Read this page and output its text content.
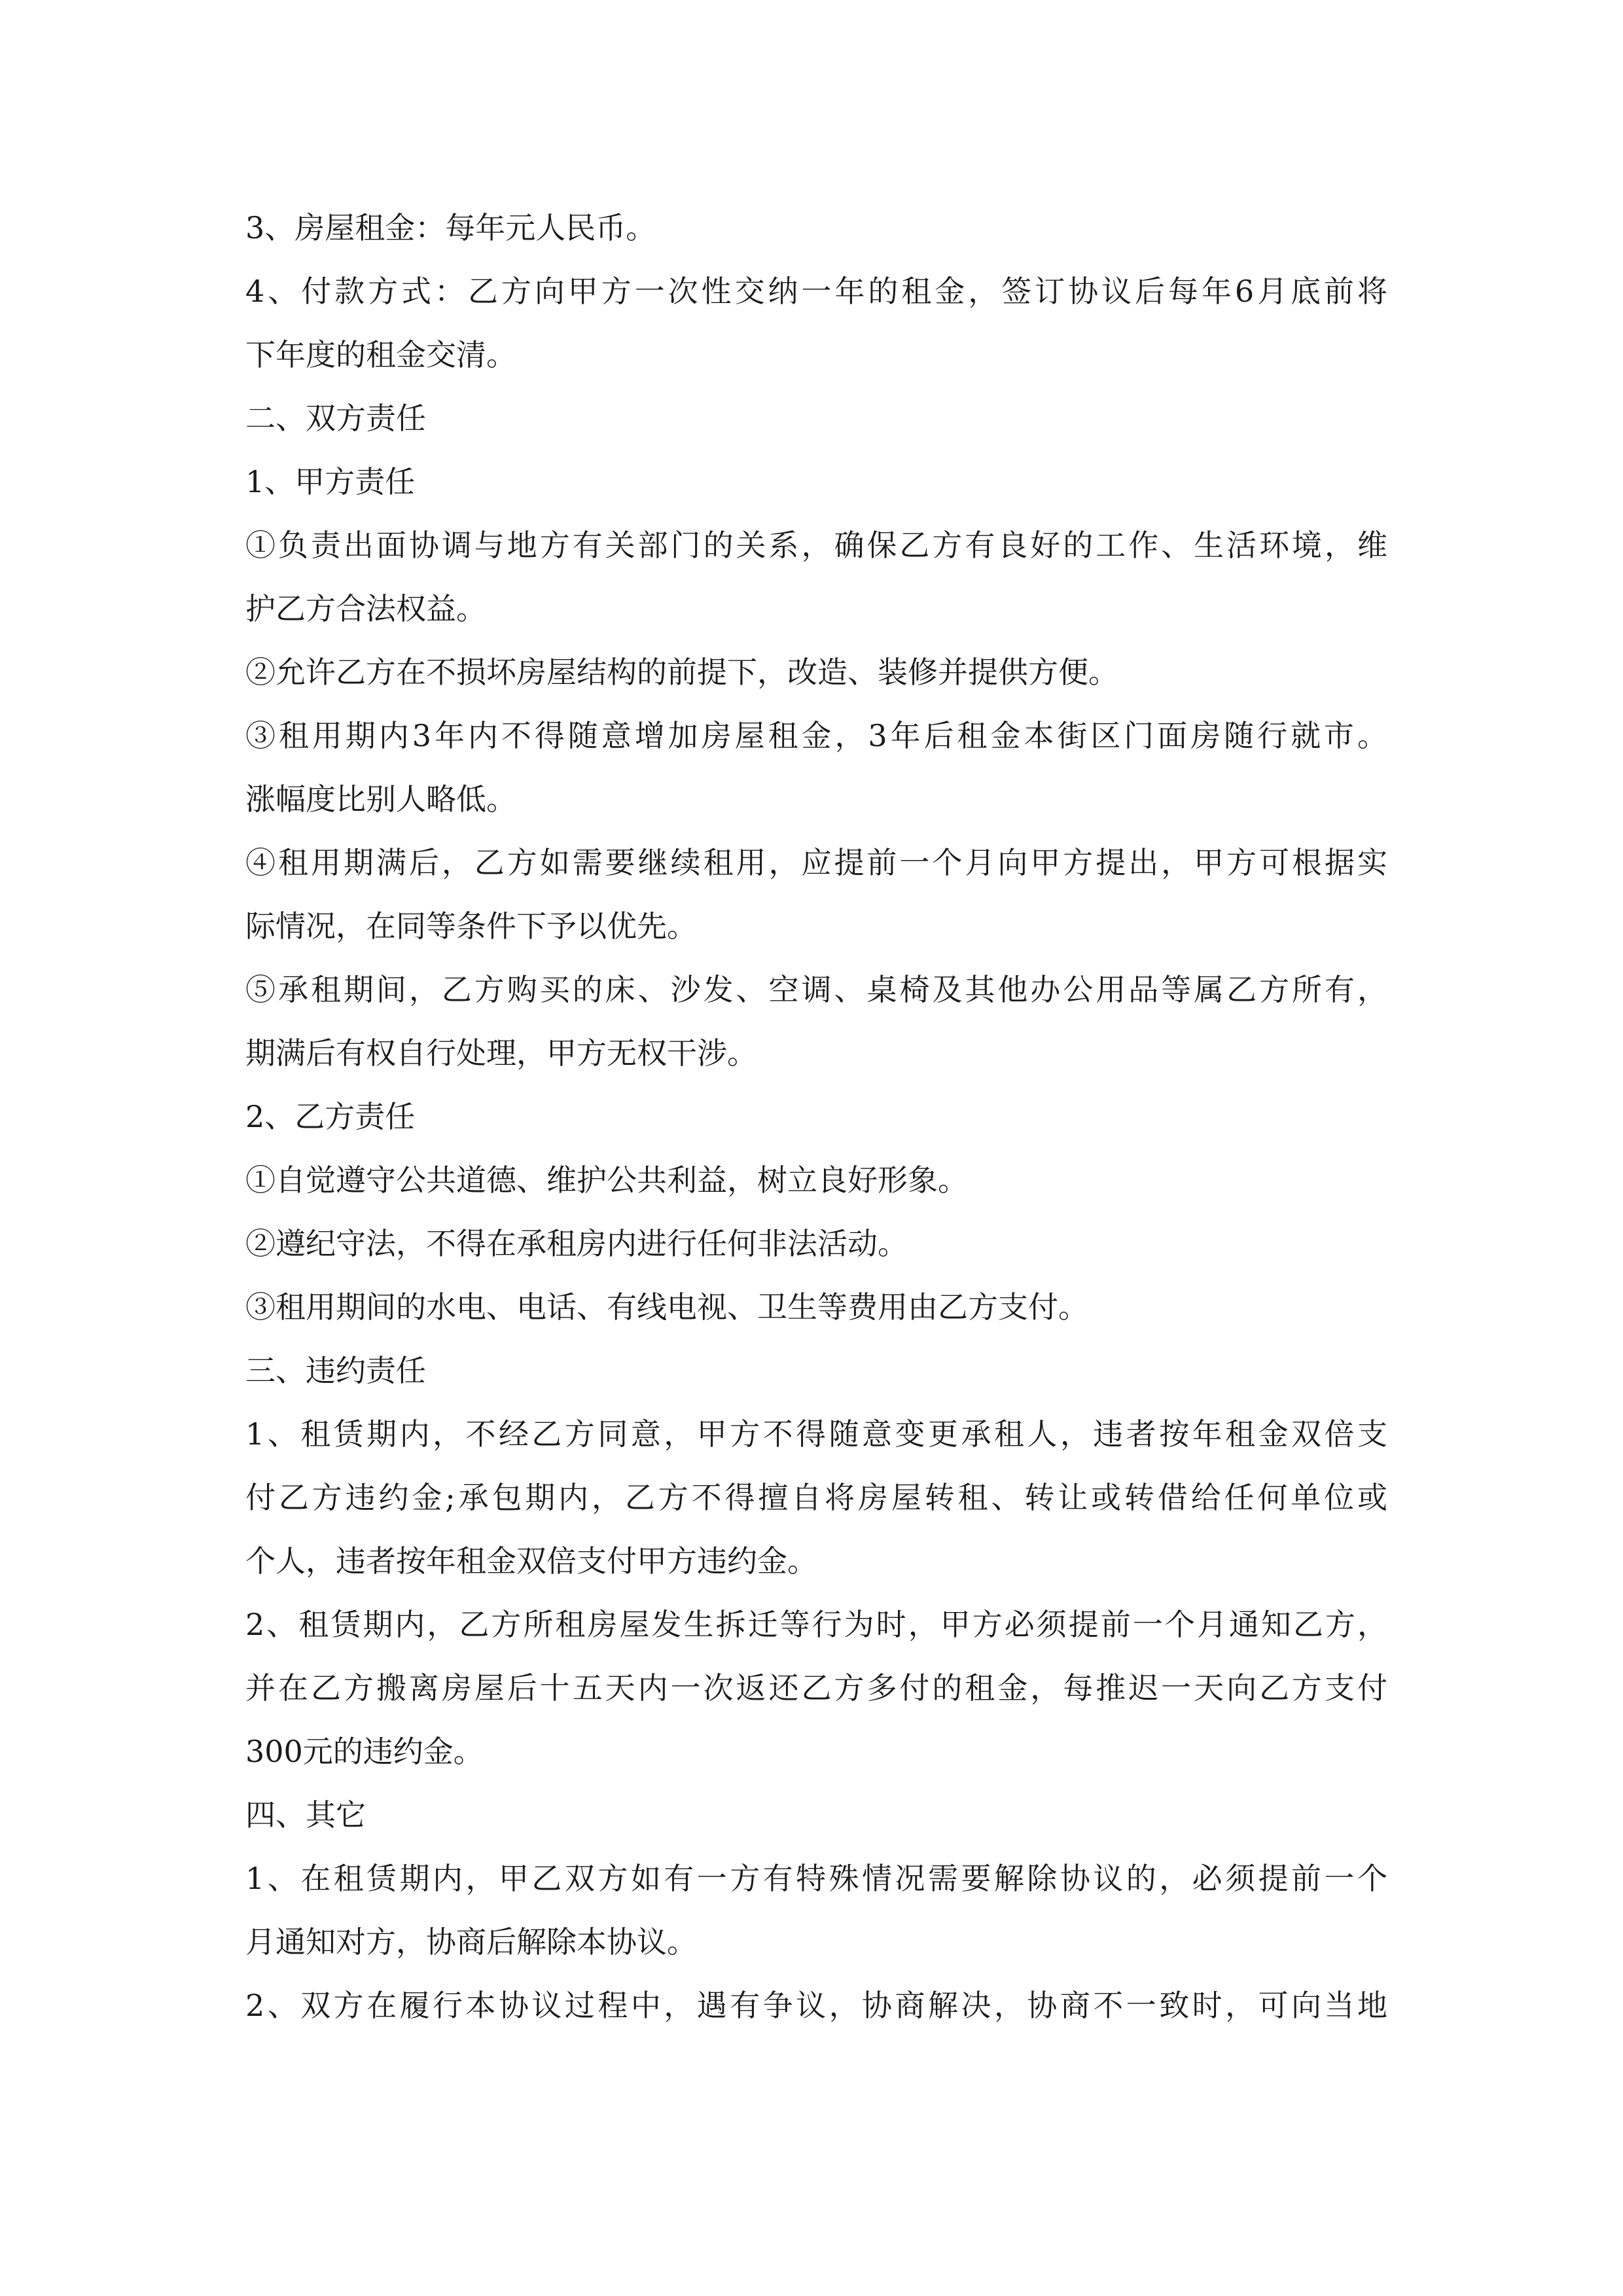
3、房屋租金：每年元人民币。
4、付款方式：乙方向甲方一次性交纳一年的租金，签订协议后每年6月底前将
下年度的租金交清。
二、双方责任
1、甲方责任
①负责出面协调与地方有关部门的关系，确保乙方有良好的工作、生活环境，维
护乙方合法权益。
②允许乙方在不损坏房屋结构的前提下，改造、装修并提供方便。
③租用期内3年内不得随意增加房屋租金，3年后租金本街区门面房随行就市。
涨幅度比别人略低。
④租用期满后，乙方如需要继续租用，应提前一个月向甲方提出，甲方可根据实
际情况，在同等条件下予以优先。
⑤承租期间，乙方购买的床、沙发、空调、桌椅及其他办公用品等属乙方所有，
期满后有权自行处理，甲方无权干涉。
2、乙方责任
①自觉遵守公共道德、维护公共利益，树立良好形象。
②遵纪守法，不得在承租房内进行任何非法活动。
③租用期间的水电、电话、有线电视、卫生等费用由乙方支付。
三、违约责任
1、租赁期内，不经乙方同意，甲方不得随意变更承租人，违者按年租金双倍支
付乙方违约金;承包期内，乙方不得擅自将房屋转租、转让或转借给任何单位或
个人，违者按年租金双倍支付甲方违约金。
2、租赁期内，乙方所租房屋发生拆迁等行为时，甲方必须提前一个月通知乙方，
并在乙方搬离房屋后十五天内一次返还乙方多付的租金，每推迟一天向乙方支付
300元的违约金。
四、其它
1、在租赁期内，甲乙双方如有一方有特殊情况需要解除协议的，必须提前一个
月通知对方，协商后解除本协议。
2、双方在履行本协议过程中，遇有争议，协商解决，协商不一致时，可向当地
